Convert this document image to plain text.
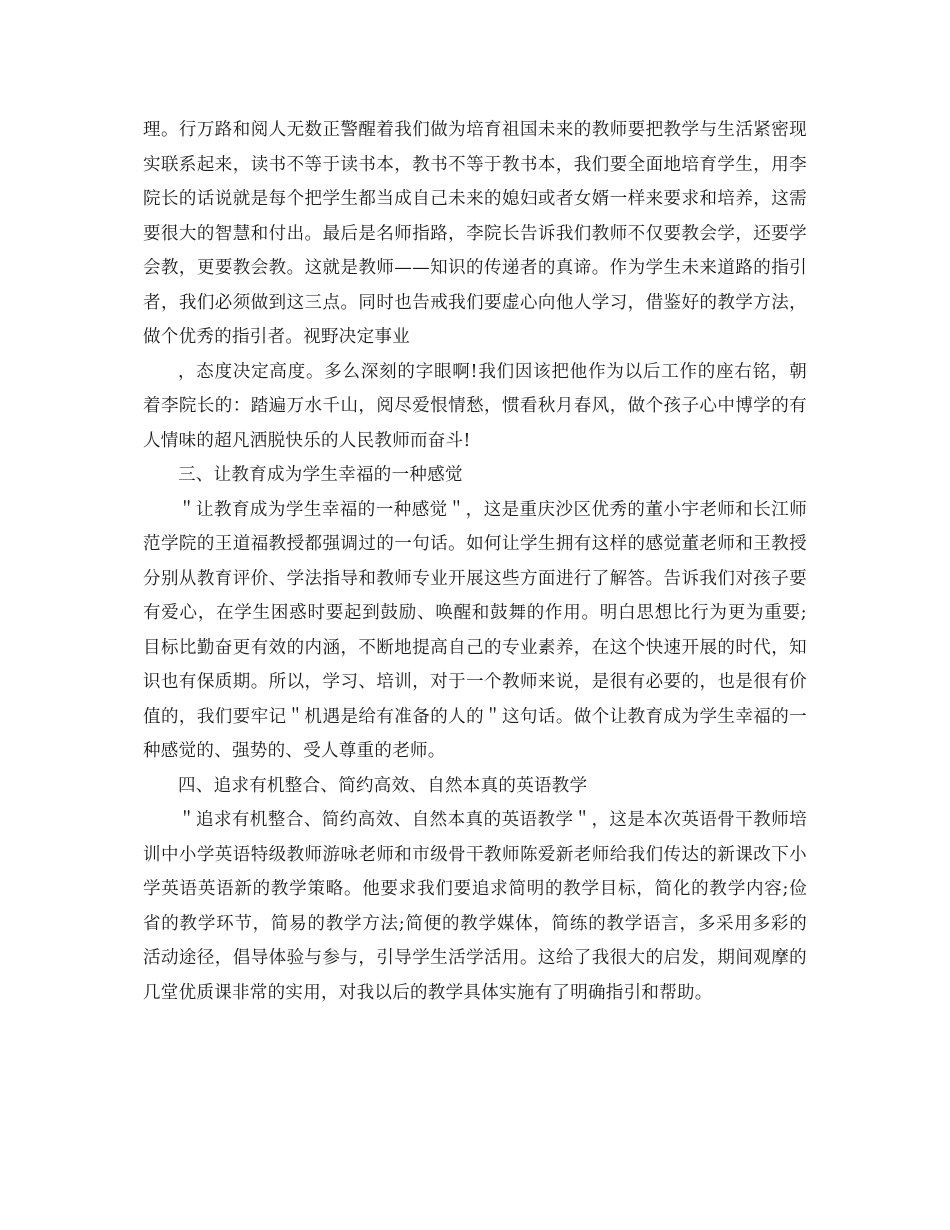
理。行万路和阅人无数正警醒着我们做为培育祖国未来的教师要把教学与生活紧密现实联系起来，读书不等于读书本，教书不等于教书本，我们要全面地培育学生，用李院长的话说就是每个把学生都当成自己未来的媳妇或者女婿一样来要求和培养，这需要很大的智慧和付出。最后是名师指路，李院长告诉我们教师不仅要教会学，还要学会教，更要教会教。这就是教师——知识的传递者的真谛。作为学生未来道路的指引者，我们必须做到这三点。同时也告戒我们要虚心向他人学习，借鉴好的教学方法，做个优秀的指引者。视野决定事业

，态度决定高度。多么深刻的字眼啊!我们因该把他作为以后工作的座右铭，朝着李院长的：踏遍万水千山，阅尽爱恨情愁，惯看秋月春风，做个孩子心中博学的有人情味的超凡洒脱快乐的人民教师而奋斗!

三、让教育成为学生幸福的一种感觉

＂让教育成为学生幸福的一种感觉＂，这是重庆沙区优秀的董小宇老师和长江师范学院的王道福教授都强调过的一句话。如何让学生拥有这样的感觉董老师和王教授分别从教育评价、学法指导和教师专业开展这些方面进行了解答。告诉我们对孩子要有爱心，在学生困惑时要起到鼓励、唤醒和鼓舞的作用。明白思想比行为更为重要;目标比勤奋更有效的内涵，不断地提高自己的专业素养，在这个快速开展的时代，知识也有保质期。所以，学习、培训，对于一个教师来说，是很有必要的，也是很有价值的，我们要牢记＂机遇是给有准备的人的＂这句话。做个让教育成为学生幸福的一种感觉的、强势的、受人尊重的老师。

四、追求有机整合、简约高效、自然本真的英语教学

＂追求有机整合、简约高效、自然本真的英语教学＂，这是本次英语骨干教师培训中小学英语特级教师游咏老师和市级骨干教师陈爱新老师给我们传达的新课改下小学英语英语新的教学策略。他要求我们要追求简明的教学目标，简化的教学内容;俭省的教学环节，简易的教学方法;简便的教学媒体，简练的教学语言，多采用多彩的活动途径，倡导体验与参与，引导学生活学活用。这给了我很大的启发，期间观摩的几堂优质课非常的实用，对我以后的教学具体实施有了明确指引和帮助。
